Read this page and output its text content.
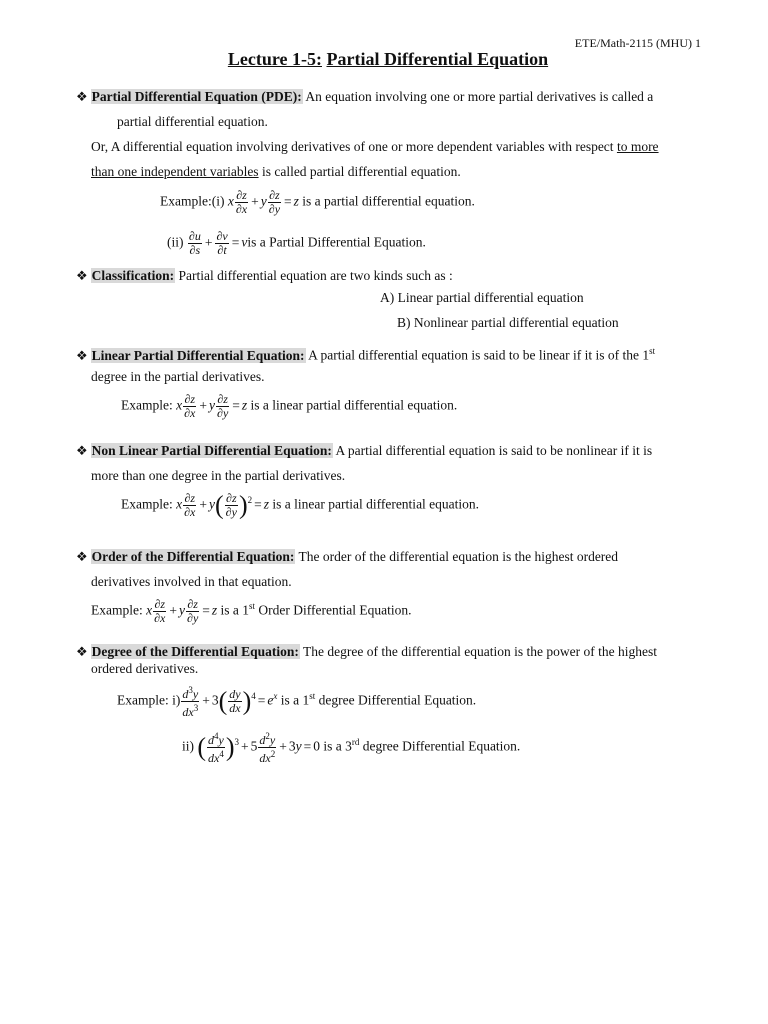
ETE/Math-2115 (MHU) 1
Lecture 1-5: Partial Differential Equation
❖ Partial Differential Equation (PDE): An equation involving one or more partial derivatives is called a
partial differential equation.
Or, A differential equation involving derivatives of one or more dependent variables with respect to more
than one independent variables is called partial differential equation.
Example:(i) x $\frac{\partial z}{\partial x} + y \frac{\partial z}{\partial y} = z$ is a partial differential equation.
$(ii) \frac{\partial u}{\partial s} + \frac{\partial v}{\partial t}$ = vis a Partial Differential Equation.
❖ Classification: Partial differential equation are two kinds such as :
A) Linear partial differential equation
B) Nonlinear partial differential equation
❖ Linear Partial Differential Equation: A partial differential equation is said to be linear if it is of the 1st
degree in the partial derivatives.
Example: x $\frac{\partial z}{\partial x} + y \frac{\partial z}{\partial y} = z$ is a linear partial differential equation.
❖ Non Linear Partial Differential Equation: A partial differential equation is said to be nonlinear if it is
more than one degree in the partial derivatives.
Example: x $\frac{\partial z}{\partial x} + y( \frac{\partial z}{\partial y} )^2 = z$ is a linear partial differential equation.
❖ Order of the Differential Equation: The order of the differential equation is the highest ordered
derivatives involved in that equation.
Example: x $\frac{\partial z}{\partial x} + y \frac{\partial z}{\partial y} = z$ is a 1st Order Differential Equation.
❖ Degree of the Differential Equation: The degree of the differential equation is the power of the highest
ordered derivatives.
Example: $i) \frac{d^3y}{dx^3} + 3( \frac{dy}{dx} )^4 = e^x$ is a 1st degree Differential Equation.
ii) ( $\frac{d^4y}{dx^4} )^3 + 5 \frac{d^2y}{dx^2} + 3y = 0$ is a 3rd degree Differential Equation.
